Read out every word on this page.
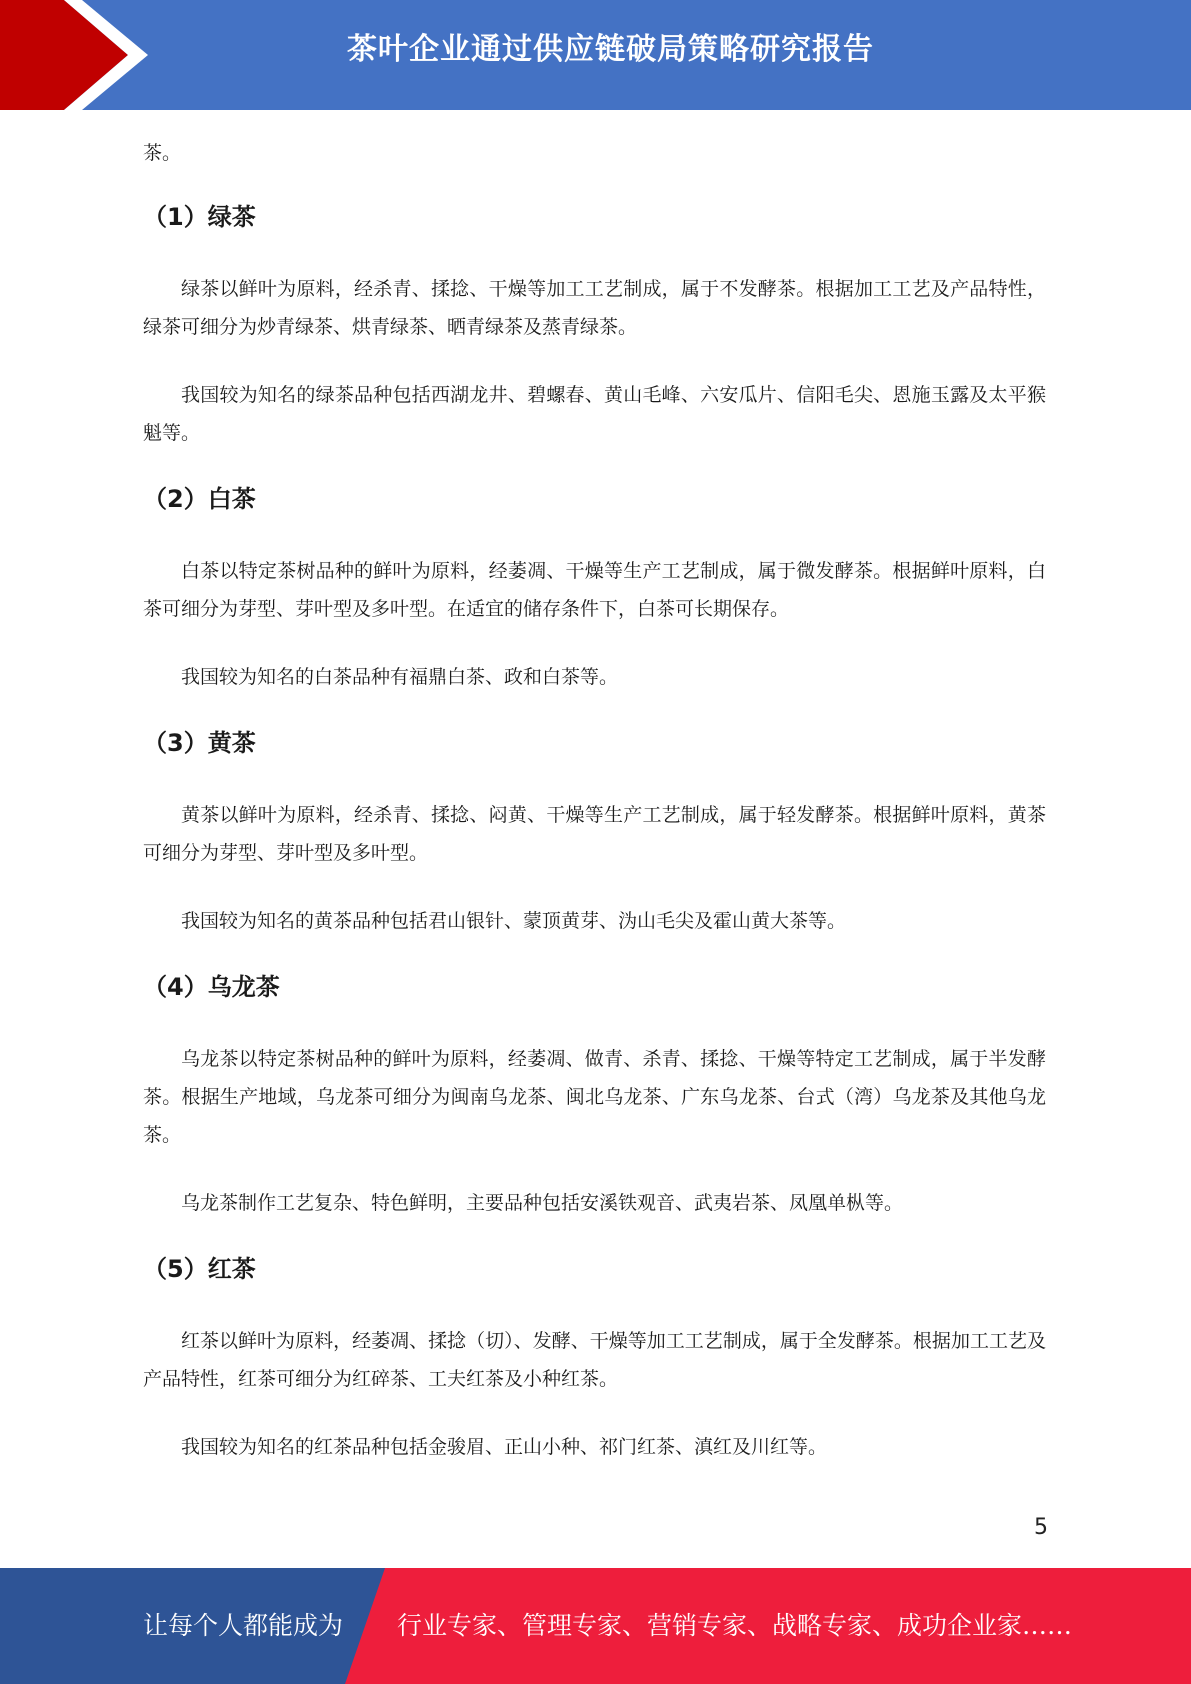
茶叶企业通过供应链破局策略研究报告

茶。

（1）绿茶

绿茶以鲜叶为原料，经杀青、揉捻、干燥等加工工艺制成，属于不发酵茶。根据加工工艺及产品特性，绿茶可细分为炒青绿茶、烘青绿茶、晒青绿茶及蒸青绿茶。

我国较为知名的绿茶品种包括西湖龙井、碧螺春、黄山毛峰、六安瓜片、信阳毛尖、恩施玉露及太平猴魁等。

（2）白茶

白茶以特定茶树品种的鲜叶为原料，经萎凋、干燥等生产工艺制成，属于微发酵茶。根据鲜叶原料，白茶可细分为芽型、芽叶型及多叶型。在适宜的储存条件下，白茶可长期保存。

我国较为知名的白茶品种有福鼎白茶、政和白茶等。

（3）黄茶

黄茶以鲜叶为原料，经杀青、揉捻、闷黄、干燥等生产工艺制成，属于轻发酵茶。根据鲜叶原料，黄茶可细分为芽型、芽叶型及多叶型。

我国较为知名的黄茶品种包括君山银针、蒙顶黄芽、沩山毛尖及霍山黄大茶等。

（4）乌龙茶

乌龙茶以特定茶树品种的鲜叶为原料，经萎凋、做青、杀青、揉捻、干燥等特定工艺制成，属于半发酵茶。根据生产地域，乌龙茶可细分为闽南乌龙茶、闽北乌龙茶、广东乌龙茶、台式（湾）乌龙茶及其他乌龙茶。

乌龙茶制作工艺复杂、特色鲜明，主要品种包括安溪铁观音、武夷岩茶、凤凰单枞等。

（5）红茶

红茶以鲜叶为原料，经萎凋、揉捻（切）、发酵、干燥等加工工艺制成，属于全发酵茶。根据加工工艺及产品特性，红茶可细分为红碎茶、工夫红茶及小种红茶。

我国较为知名的红茶品种包括金骏眉、正山小种、祁门红茶、滇红及川红等。

5
让每个人都能成为 行业专家、管理专家、营销专家、战略专家、成功企业家……
